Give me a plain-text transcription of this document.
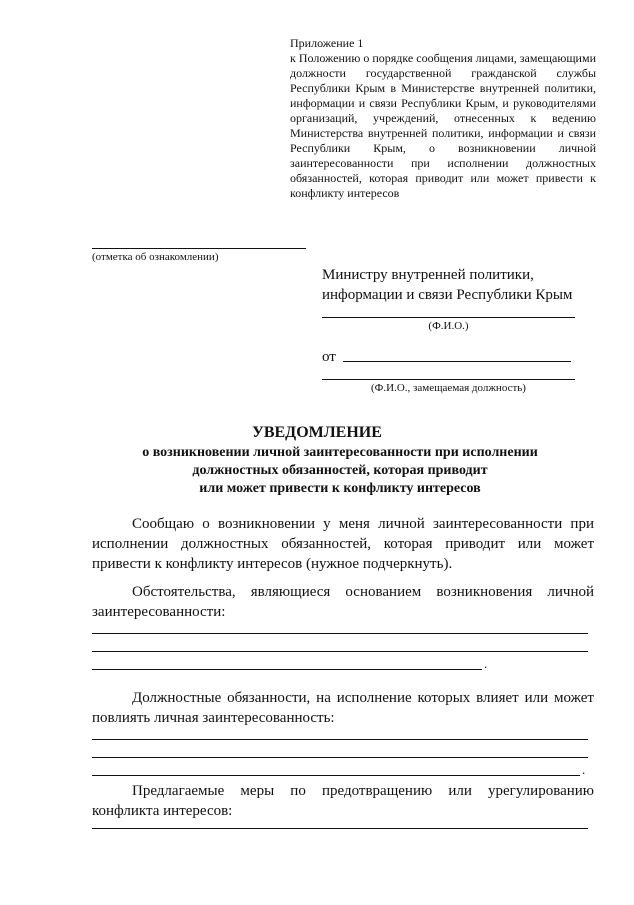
Приложение 1
к Положению о порядке сообщения лицами, замещающими должности государственной гражданской службы Республики Крым в Министерстве внутренней политики, информации и связи Республики Крым, и руководителями организаций, учреждений, отнесенных к ведению Министерства внутренней политики, информации и связи Республики Крым, о возникновении личной заинтересованности при исполнении должностных обязанностей, которая приводит или может привести к конфликту интересов
(отметка об ознакомлении)
Министру внутренней политики,
информации и связи Республики Крым
(Ф.И.О.)
от
(Ф.И.О., замещаемая должность)
УВЕДОМЛЕНИЕ
о возникновении личной заинтересованности при исполнении
должностных обязанностей, которая приводит
или может привести к конфликту интересов
Сообщаю о возникновении у меня личной заинтересованности при исполнении должностных обязанностей, которая приводит или может привести к конфликту интересов (нужное подчеркнуть).
Обстоятельства, являющиеся основанием возникновения личной заинтересованности:
.
Должностные обязанности, на исполнение которых влияет или может повлиять личная заинтересованность:
.
Предлагаемые меры по предотвращению или урегулированию конфликта интересов:
